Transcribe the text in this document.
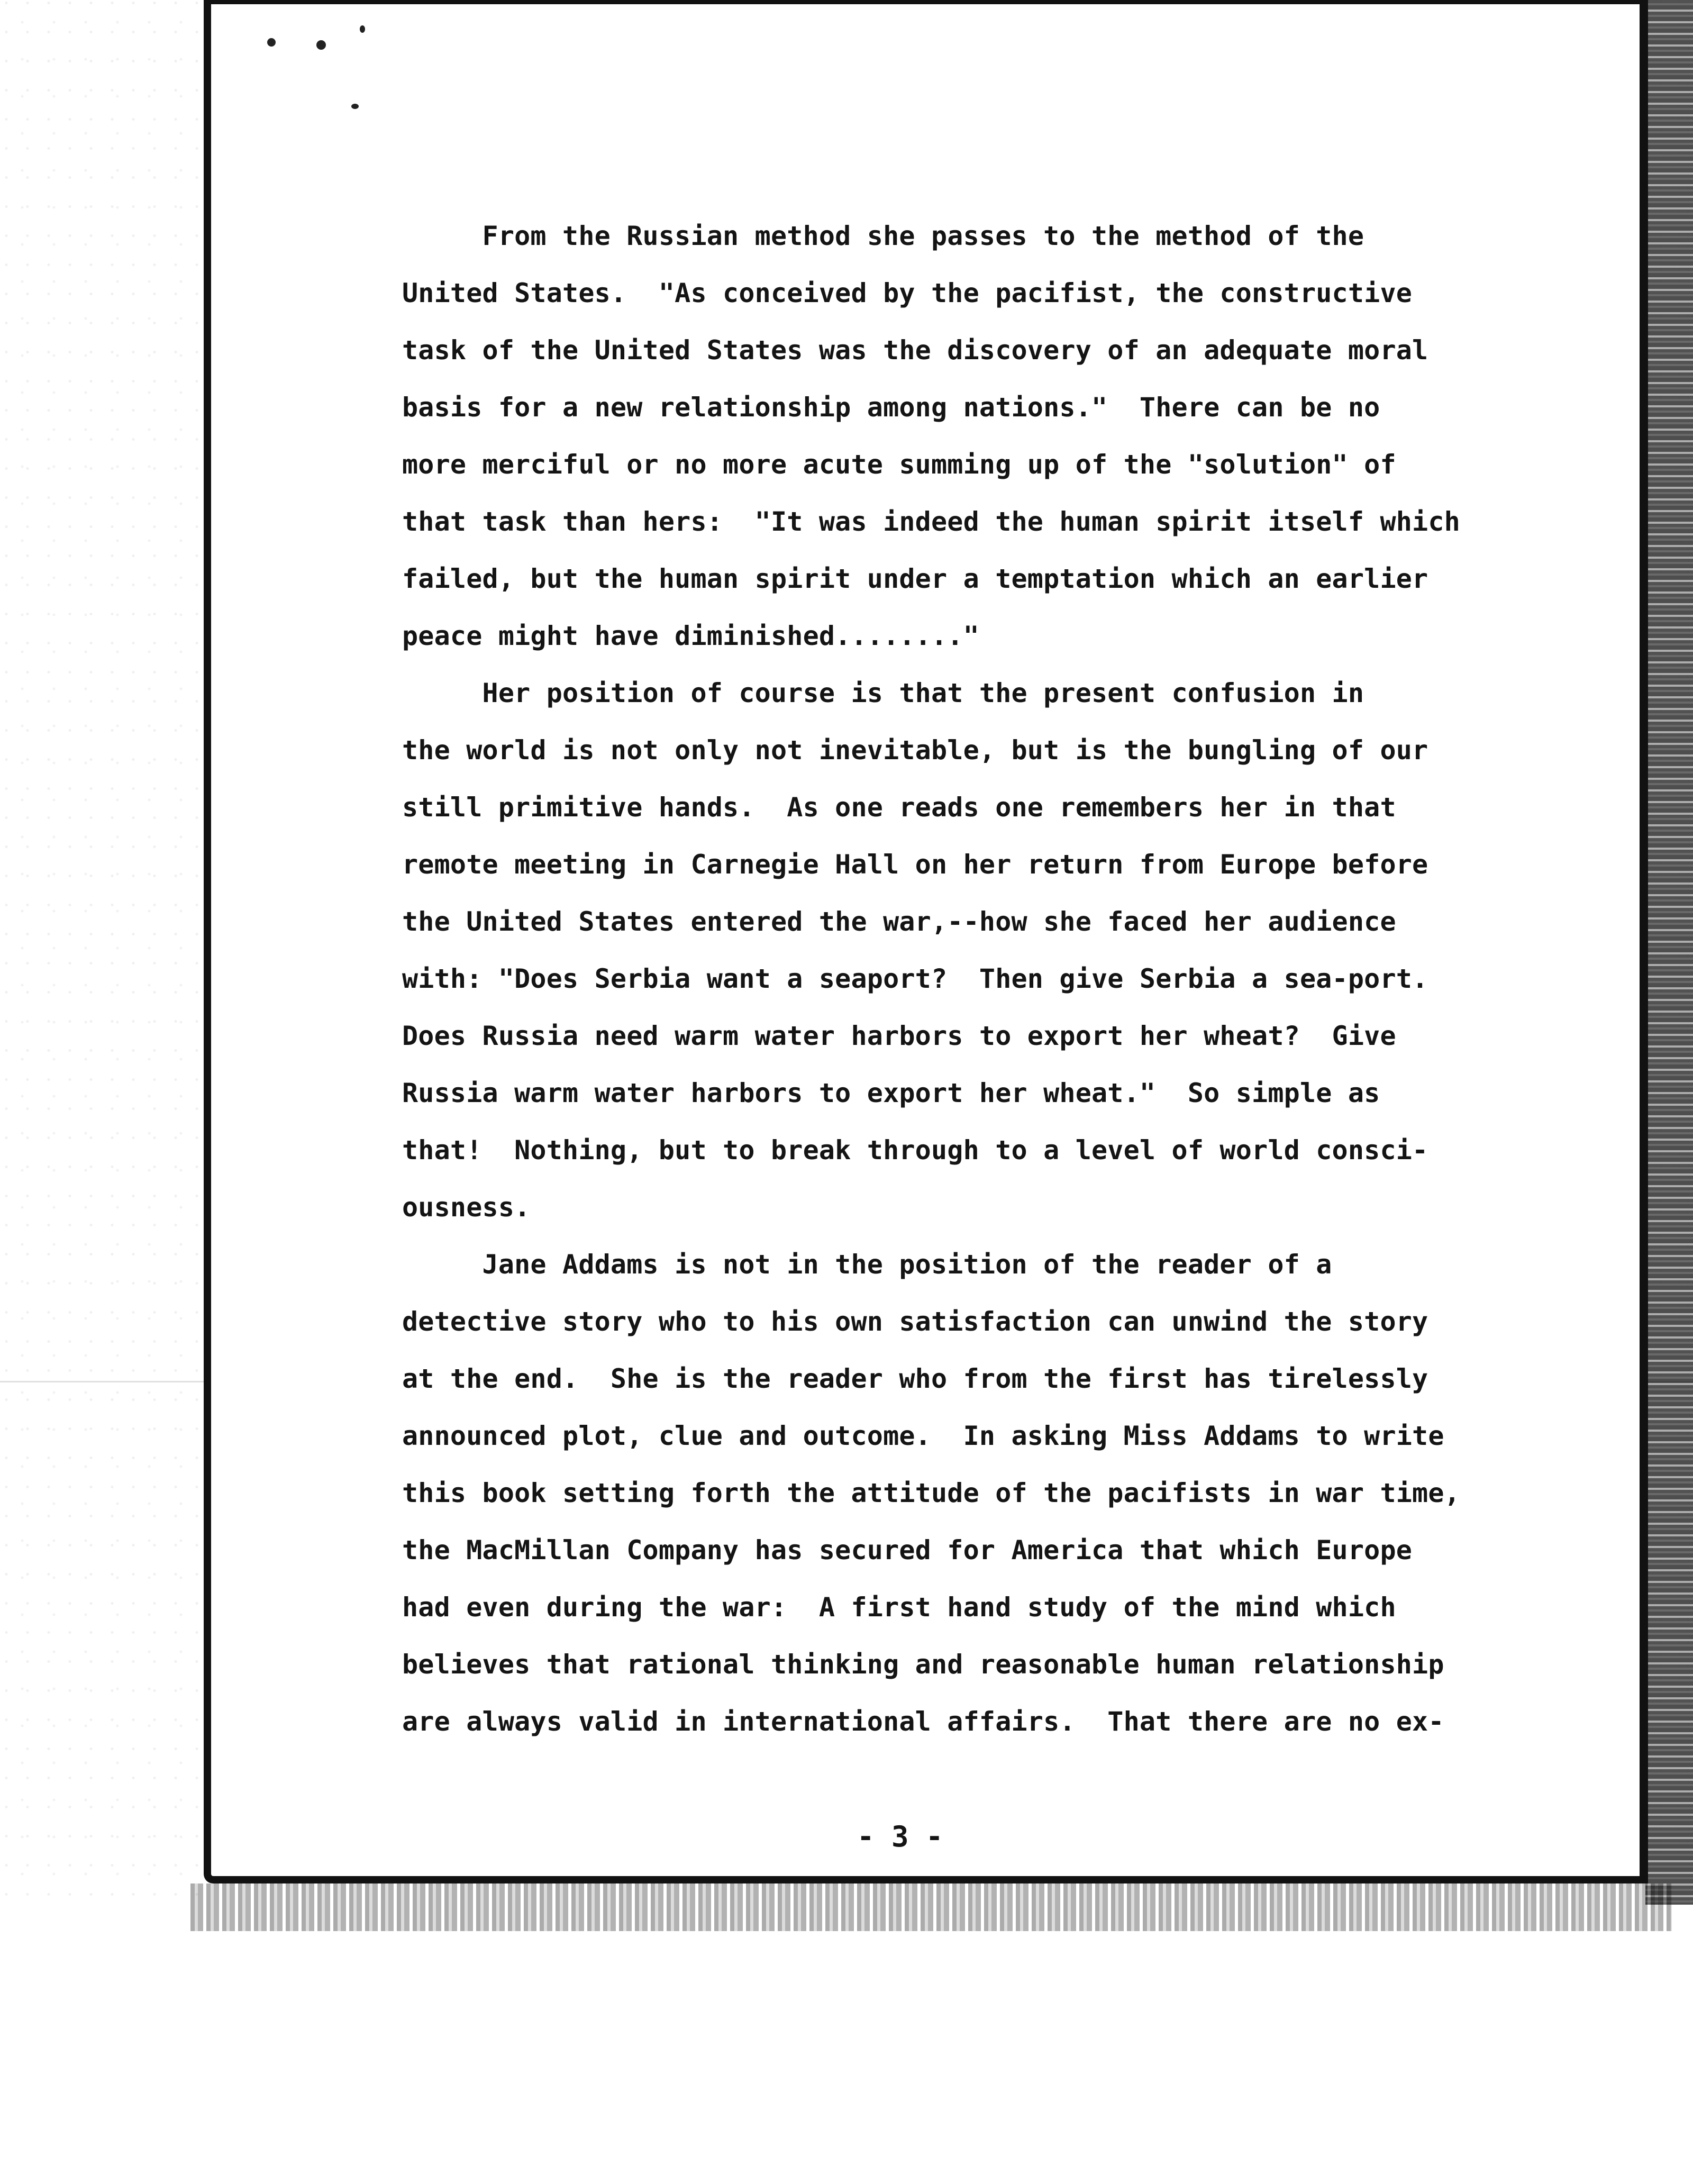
From the Russian method she passes to the method of the
United States.  "As conceived by the pacifist, the constructive
task of the United States was the discovery of an adequate moral
basis for a new relationship among nations."  There can be no
more merciful or no more acute summing up of the "solution" of
that task than hers:  "It was indeed the human spirit itself which
failed, but the human spirit under a temptation which an earlier
peace might have diminished........"
Her position of course is that the present confusion in
the world is not only not inevitable, but is the bungling of our
still primitive hands.  As one reads one remembers her in that
remote meeting in Carnegie Hall on her return from Europe before
the United States entered the war,--how she faced her audience
with: "Does Serbia want a seaport?  Then give Serbia a sea-port.
Does Russia need warm water harbors to export her wheat?  Give
Russia warm water harbors to export her wheat."  So simple as
that!  Nothing, but to break through to a level of world consci-
ousness.
Jane Addams is not in the position of the reader of a
detective story who to his own satisfaction can unwind the story
at the end.  She is the reader who from the first has tirelessly
announced plot, clue and outcome.  In asking Miss Addams to write
this book setting forth the attitude of the pacifists in war time,
the MacMillan Company has secured for America that which Europe
had even during the war:  A first hand study of the mind which
believes that rational thinking and reasonable human relationship
are always valid in international affairs.  That there are no ex-
- 3 -
